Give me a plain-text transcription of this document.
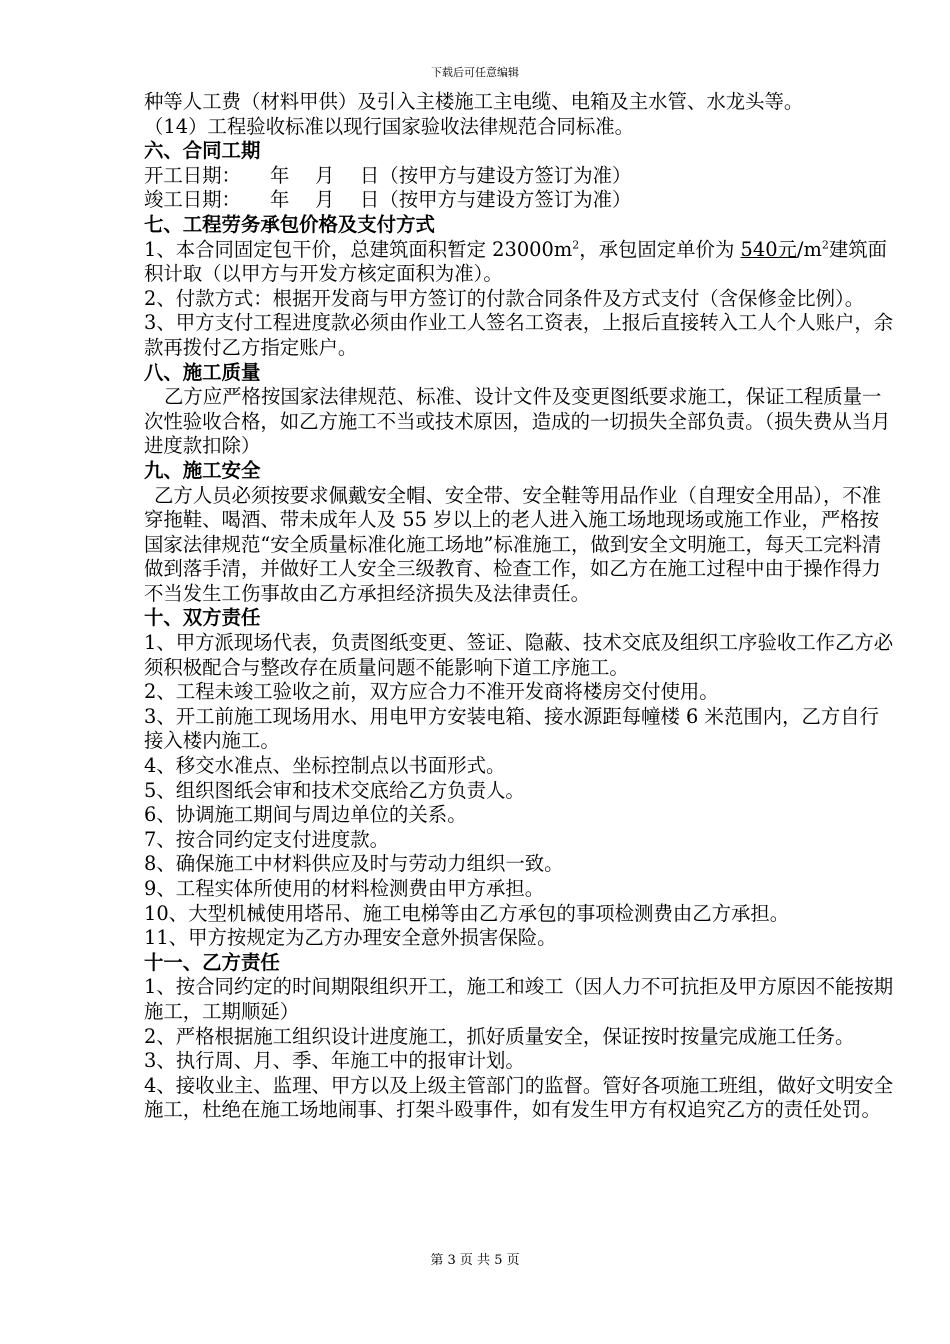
下载后可任意编辑

种等人工费（材料甲供）及引入主楼施工主电缆、电箱及主水管、水龙头等。

（14）工程验收标准以现行国家验收法律规范合同标准。

六、合同工期

开工日期：　　年　 月　 日（按甲方与建设方签订为准）

竣工日期：　　年　 月　 日（按甲方与建设方签订为准）

七、工程劳务承包价格及支付方式

1、本合同固定包干价，总建筑面积暂定 $23000m^2$，承包固定单价为 540元$/m^2$建筑面积计取（以甲方与开发方核定面积为准）。

2、付款方式：根据开发商与甲方签订的付款合同条件及方式支付（含保修金比例）。

3、甲方支付工程进度款必须由作业工人签名工资表，上报后直接转入工人个人账户，余款再拨付乙方指定账户。

八、施工质量

乙方应严格按国家法律规范、标准、设计文件及变更图纸要求施工，保证工程质量一次性验收合格，如乙方施工不当或技术原因，造成的一切损失全部负责。（损失费从当月进度款扣除）

九、施工安全

乙方人员必须按要求佩戴安全帽、安全带、安全鞋等用品作业（自理安全用品），不准穿拖鞋、喝酒、带未成年人及 55 岁以上的老人进入施工场地现场或施工作业，严格按国家法律规范“安全质量标准化施工场地”标准施工，做到安全文明施工，每天工完料清做到落手清，并做好工人安全三级教育、检查工作，如乙方在施工过程中由于操作得力不当发生工伤事故由乙方承担经济损失及法律责任。

十、双方责任

1、甲方派现场代表，负责图纸变更、签证、隐蔽、技术交底及组织工序验收工作乙方必须积极配合与整改存在质量问题不能影响下道工序施工。

2、工程未竣工验收之前，双方应合力不准开发商将楼房交付使用。

3、开工前施工现场用水、用电甲方安装电箱、接水源距每幢楼 6 米范围内，乙方自行接入楼内施工。

4、移交水准点、坐标控制点以书面形式。

5、组织图纸会审和技术交底给乙方负责人。

6、协调施工期间与周边单位的关系。

7、按合同约定支付进度款。

8、确保施工中材料供应及时与劳动力组织一致。

9、工程实体所使用的材料检测费由甲方承担。

10、大型机械使用塔吊、施工电梯等由乙方承包的事项检测费由乙方承担。

11、甲方按规定为乙方办理安全意外损害保险。

十一、乙方责任

1、按合同约定的时间期限组织开工，施工和竣工（因人力不可抗拒及甲方原因不能按期施工，工期顺延）

2、严格根据施工组织设计进度施工，抓好质量安全，保证按时按量完成施工任务。

3、执行周、月、季、年施工中的报审计划。

4、接收业主、监理、甲方以及上级主管部门的监督。管好各项施工班组，做好文明安全施工，杜绝在施工场地闹事、打架斗殴事件，如有发生甲方有权追究乙方的责任处罚。

第 3 页 共 5 页
